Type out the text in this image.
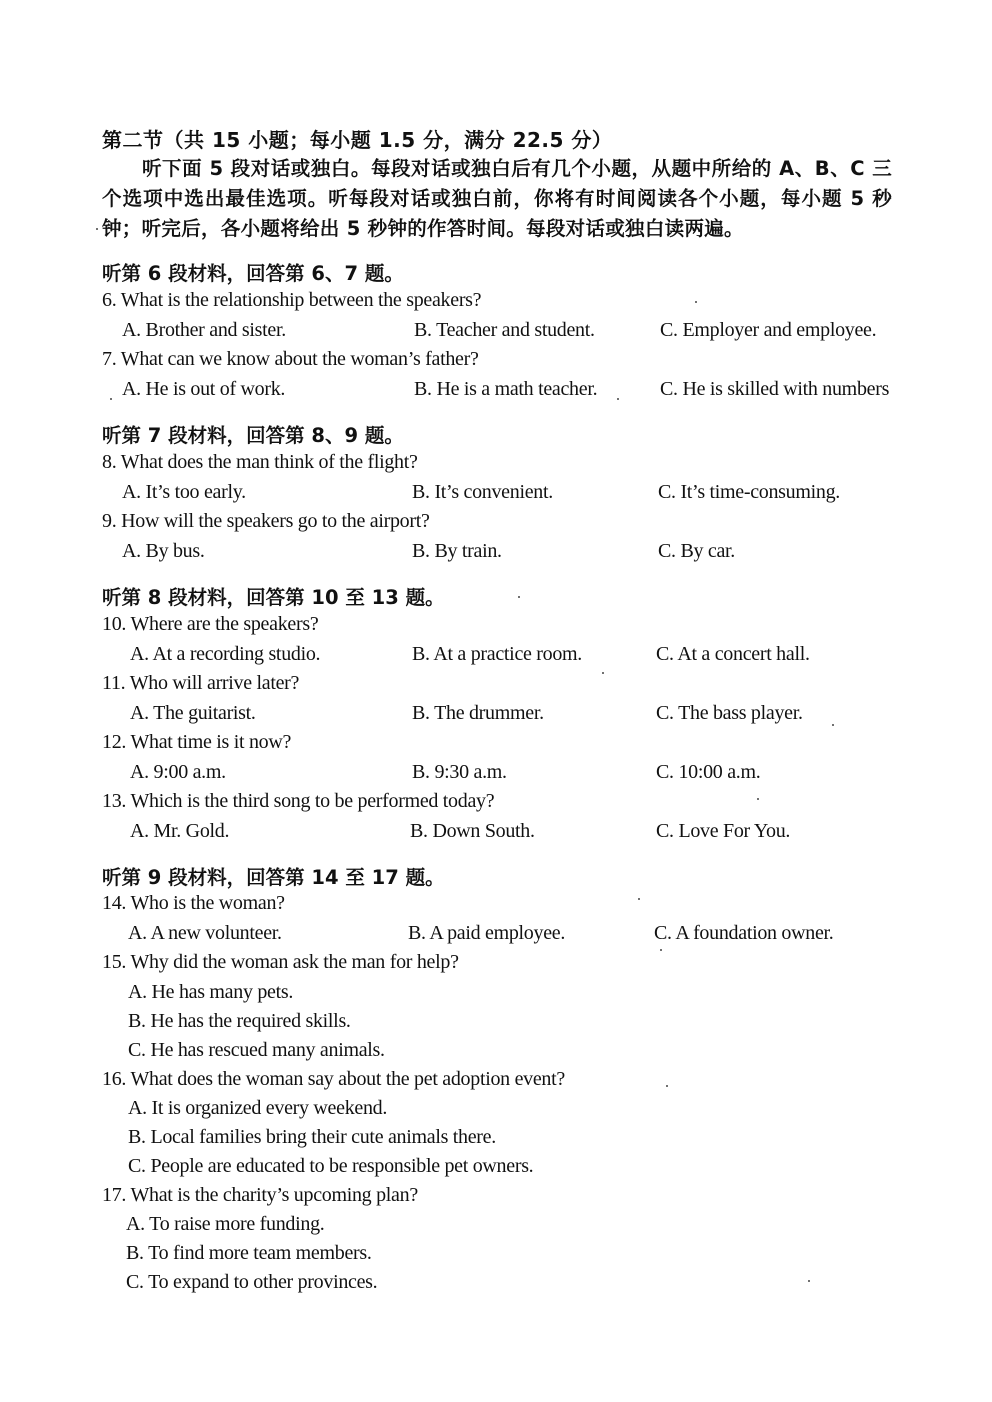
第二节（共 15 小题；每小题 1.5 分，满分 22.5 分）
听下面 5 段对话或独白。每段对话或独白后有几个小题，从题中所给的 A、B、C 三个选项中选出最佳选项。听每段对话或独白前，你将有时间阅读各个小题，每小题 5 秒钟；听完后，各小题将给出 5 秒钟的作答时间。每段对话或独白读两遍。
听第 6 段材料，回答第 6、7 题。
6. What is the relationship between the speakers?
A. Brother and sister.	B. Teacher and student.	C. Employer and employee.
7. What can we know about the woman’s father?
A. He is out of work.	B. He is a math teacher.	C. He is skilled with numbers
听第 7 段材料，回答第 8、9 题。
8. What does the man think of the flight?
A. It’s too early.	B. It’s convenient.	C. It’s time-consuming.
9. How will the speakers go to the airport?
A. By bus.	B. By train.	C. By car.
听第 8 段材料，回答第 10 至 13 题。
10. Where are the speakers?
A. At a recording studio.	B. At a practice room.	C. At a concert hall.
11. Who will arrive later?
A. The guitarist.	B. The drummer.	C. The bass player.
12. What time is it now?
A. 9:00 a.m.	B. 9:30 a.m.	C. 10:00 a.m.
13. Which is the third song to be performed today?
A. Mr. Gold.	B. Down South.	C. Love For You.
听第 9 段材料，回答第 14 至 17 题。
14. Who is the woman?
A. A new volunteer.	B. A paid employee.	C. A foundation owner.
15. Why did the woman ask the man for help?
A. He has many pets.
B. He has the required skills.
C. He has rescued many animals.
16. What does the woman say about the pet adoption event?
A. It is organized every weekend.
B. Local families bring their cute animals there.
C. People are educated to be responsible pet owners.
17. What is the charity’s upcoming plan?
A. To raise more funding.
B. To find more team members.
C. To expand to other provinces.
